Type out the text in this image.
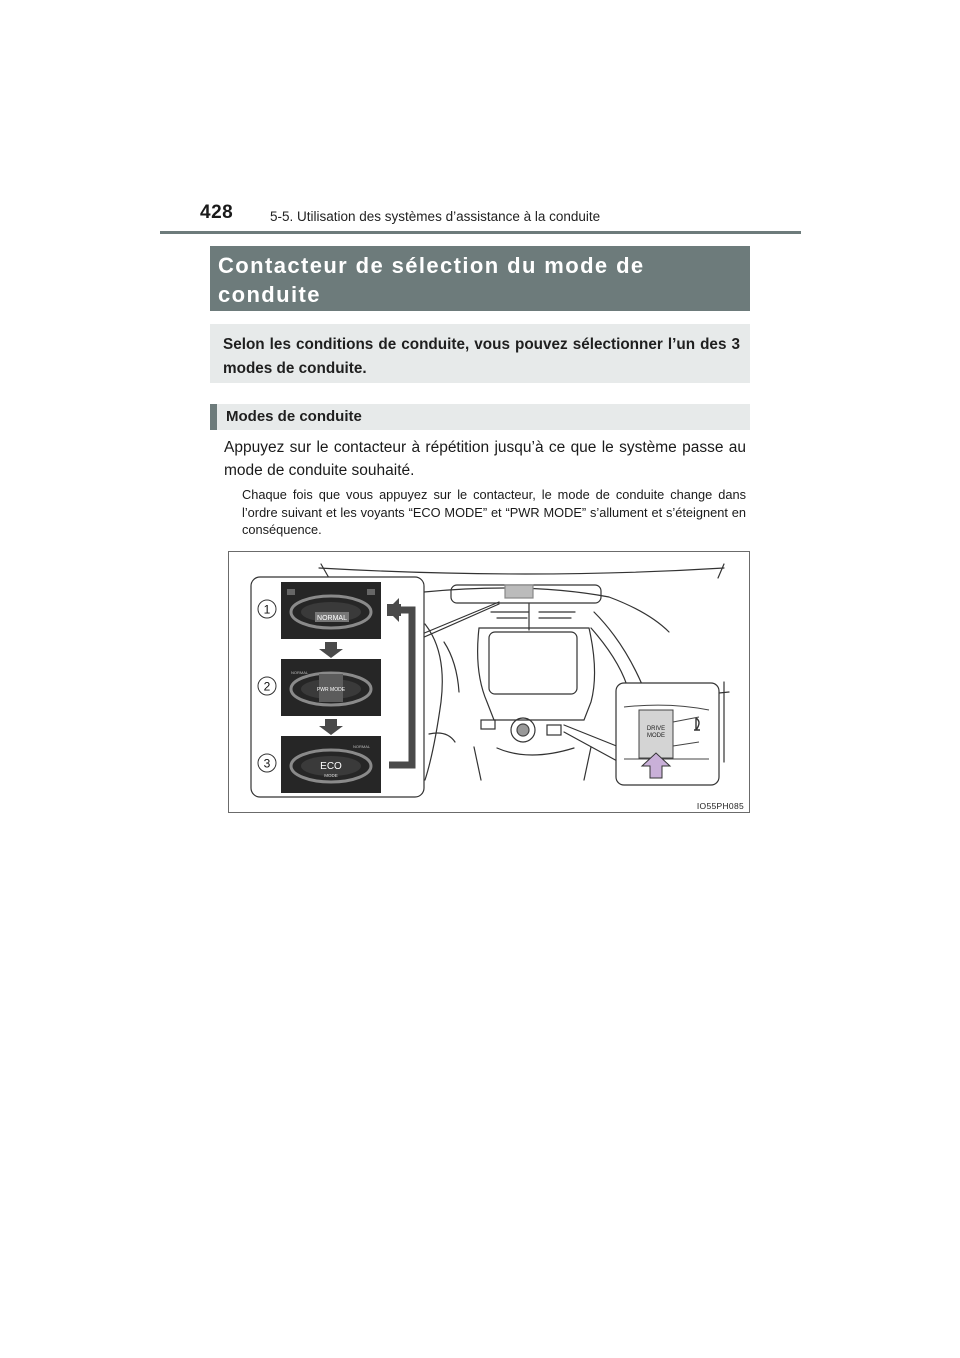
428	5-5. Utilisation des systèmes d’assistance à la conduite
Contacteur de sélection du mode de conduite

Selon les conditions de conduite, vous pouvez sélectionner l’un des 3 modes de conduite.

Modes de conduite

Appuyez sur le contacteur à répétition jusqu’à ce que le système passe au mode de conduite souhaité.

Chaque fois que vous appuyez sur le contacteur, le mode de conduite change dans l’ordre suivant et les voyants “ECO MODE” et “PWR MODE” s’allument et s’éteignent en conséquence.

1
2
3
NORMAL
PWR MODE
NORMAL
ECO
MODE
NORMAL
DRIVE
MODE
IO55PH085
